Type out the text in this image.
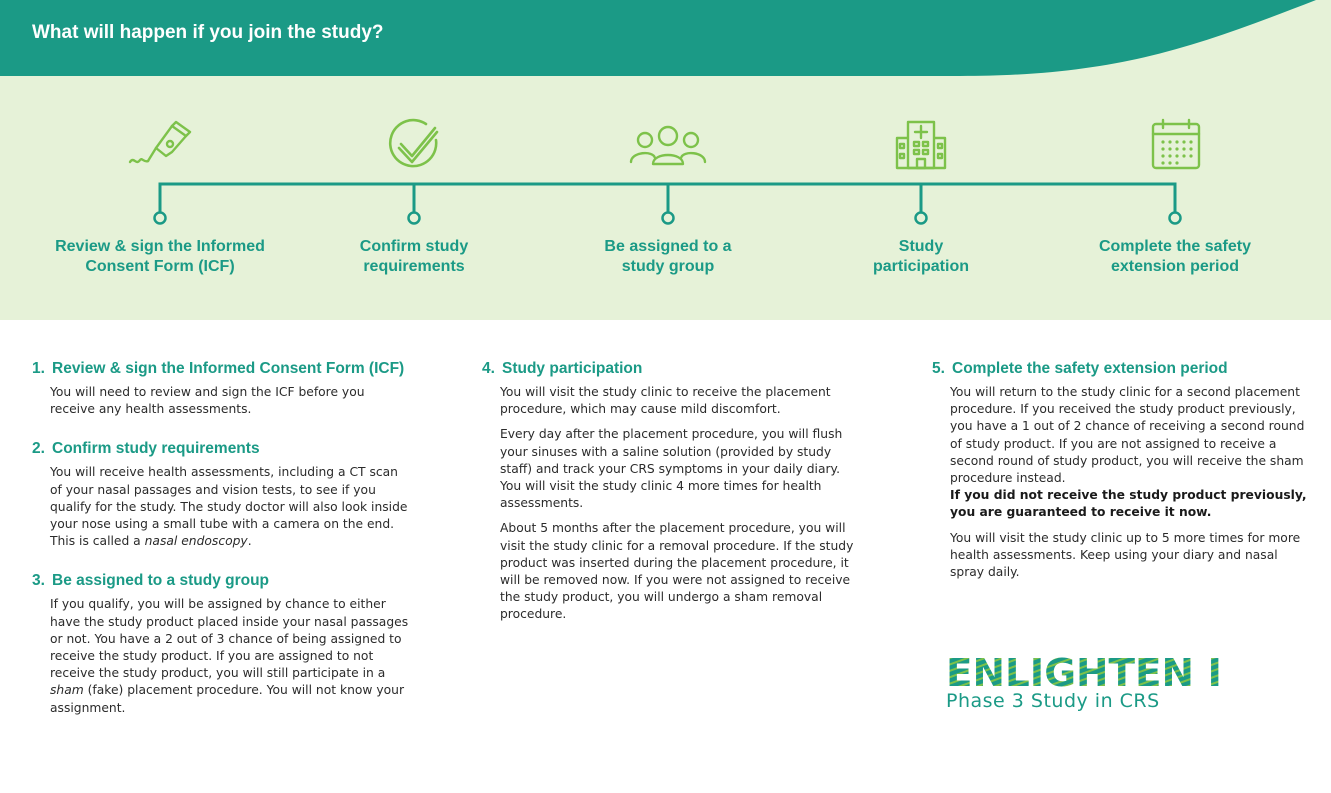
What will happen if you join the study?
Review & sign the Informed
Consent Form (ICF)
Confirm study
requirements
Be assigned to a
study group
Study
participation
Complete the safety
extension period
1. Review & sign the Informed Consent Form (ICF)

You will need to review and sign the ICF before you receive any health assessments.

2. Confirm study requirements

You will receive health assessments, including a CT scan of your nasal passages and vision tests, to see if you qualify for the study. The study doctor will also look inside your nose using a small tube with a camera on the end. This is called a nasal endoscopy.

3. Be assigned to a study group

If you qualify, you will be assigned by chance to either have the study product placed inside your nasal passages or not. You have a 2 out of 3 chance of being assigned to receive the study product. If you are assigned to not receive the study product, you will still participate in a sham (fake) placement procedure. You will not know your assignment.

4. Study participation

You will visit the study clinic to receive the placement procedure, which may cause mild discomfort.

Every day after the placement procedure, you will flush your sinuses with a saline solution (provided by study staff) and track your CRS symptoms in your daily diary. You will visit the study clinic 4 more times for health assessments.

About 5 months after the placement procedure, you will visit the study clinic for a removal procedure. If the study product was inserted during the placement procedure, it will be removed now. If you were not assigned to receive the study product, you will undergo a sham removal procedure.

5. Complete the safety extension period

You will return to the study clinic for a second placement procedure. If you received the study product previously, you have a 1 out of 2 chance of receiving a second round of study product. If you are not assigned to receive a second round of study product, you will receive the sham procedure instead.

If you did not receive the study product previously, you are guaranteed to receive it now.

You will visit the study clinic up to 5 more times for more health assessments. Keep using your diary and nasal spray daily.

ENLIGHTEN I
Phase 3 Study in CRS
